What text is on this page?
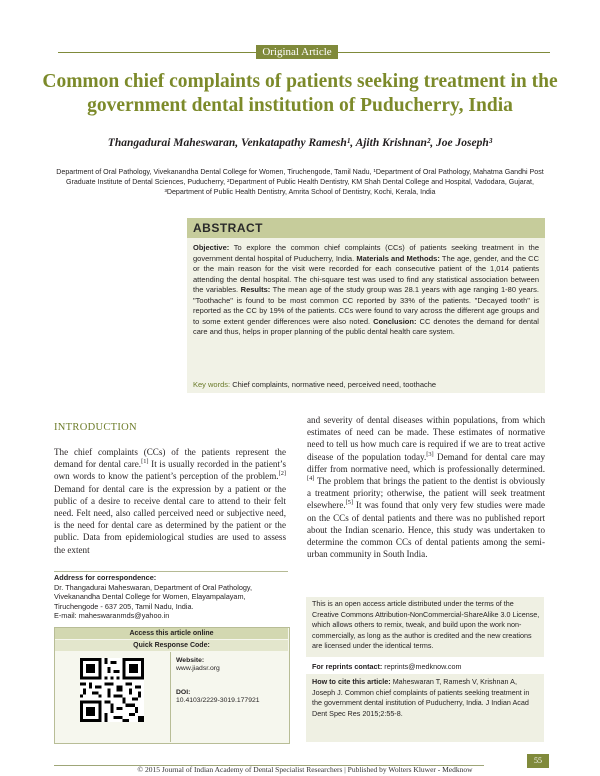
Original Article
Common chief complaints of patients seeking treatment in the government dental institution of Puducherry, India
Thangadurai Maheswaran, Venkatapathy Ramesh¹, Ajith Krishnan², Joe Joseph³
Department of Oral Pathology, Vivekanandha Dental College for Women, Tiruchengode, Tamil Nadu, ¹Department of Oral Pathology, Mahatma Gandhi Post Graduate Institute of Dental Sciences, Puducherry, ²Department of Public Health Dentistry, KM Shah Dental College and Hospital, Vadodara, Gujarat, ³Department of Public Health Dentistry, Amrita School of Dentistry, Kochi, Kerala, India
ABSTRACT
Objective: To explore the common chief complaints (CCs) of patients seeking treatment in the government dental hospital of Puducherry, India. Materials and Methods: The age, gender, and the CC or the main reason for the visit were recorded for each consecutive patient of the 1,014 patients attending the dental hospital. The chi-square test was used to find any statistical association between the variables. Results: The mean age of the study group was 28.1 years with age ranging 1-80 years. "Toothache" is found to be most common CC reported by 33% of the patients. "Decayed tooth" is reported as the CC by 19% of the patients. CCs were found to vary across the different age groups and to some extent gender differences were also noted. Conclusion: CC denotes the demand for dental care and thus, helps in proper planning of the public dental health care system.
Key words: Chief complaints, normative need, perceived need, toothache
INTRODUCTION
The chief complaints (CCs) of the patients represent the demand for dental care.[1] It is usually recorded in the patient’s own words to know the patient’s perception of the problem.[2] Demand for dental care is the expression by a patient or the public of a desire to receive dental care to attend to their felt need. Felt need, also called perceived need or subjective need, is the need for dental care as determined by the patient or the public. Data from epidemiological studies are used to assess the extent
and severity of dental diseases within populations, from which estimates of need can be made. These estimates of normative need to tell us how much care is required if we are to treat active disease of the population today.[3] Demand for dental care may differ from normative need, which is professionally determined.[4] The problem that brings the patient to the dentist is obviously a treatment priority; otherwise, the patient will seek treatment elsewhere.[5] It was found that only very few studies were made on the CCs of dental patients and there was no published report about the Indian scenario. Hence, this study was undertaken to determine the common CCs of dental patients among the semi-urban community in South India.
Address for correspondence:
Dr. Thangadurai Maheswaran, Department of Oral Pathology,
Vivekanandha Dental College for Women, Elayampalayam,
Tiruchengode - 637 205, Tamil Nadu, India.
E-mail: maheswaranmds@yahoo.in
Access this article online
Quick Response Code:
Website:
www.jiadsr.org
DOI:
10.4103/2229-3019.177921
This is an open access article distributed under the terms of the Creative Commons Attribution-NonCommercial-ShareAlike 3.0 License, which allows others to remix, tweak, and build upon the work non-commercially, as long as the author is credited and the new creations are licensed under the identical terms.
For reprints contact: reprints@medknow.com
How to cite this article: Maheswaran T, Ramesh V, Krishnan A, Joseph J. Common chief complaints of patients seeking treatment in the government dental institution of Puducherry, India. J Indian Acad Dent Spec Res 2015;2:55-8.
© 2015 Journal of Indian Academy of Dental Specialist Researchers | Published by Wolters Kluwer - Medknow
55
